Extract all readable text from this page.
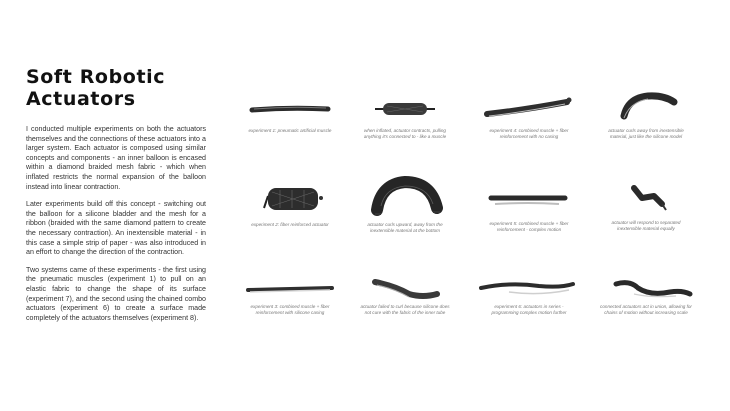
Soft Robotic
Actuators

I conducted multiple experiments on both the actuators themselves and the connections of these actuators into a larger system. Each actuator is composed using similar concepts and components - an inner balloon is encased within a diamond braided mesh fabric - which when inflated restricts the normal expansion of the balloon instead into linear contraction.

Later experiments build off this concept - switching out the balloon for a silicone bladder and the mesh for a ribbon (braided with the same diamond pattern to create the necessary contraction). An inextensible material - in this case a simple strip of paper - was also introduced in an effort to change the direction of the contraction.

Two systems came of these experiments - the first using the pneumatic muscles (experiment 1) to pull on an elastic fabric to change the shape of its surface (experiment 7), and the second using the chained combo actuators (experiment 6) to create a surface made completely of the actuators themselves (experiment 8).

experiment 1: pneumatic artificial muscle	when inflated, actuator contracts, pulling
anything it's connected to - like a muscle
experiment 4: combined muscle + fiber
reinforcement with no casing
actuator curls away from inextensible
material, just like the silicone model
experiment 2: fiber reinforced actuator	actuator curls upward, away from the
inextensible material at the bottom
experiment 5: combined muscle + fiber
reinforcement - complex motion
actuator will respond to separated
inextensible material equally
experiment 3: combined muscle + fiber
reinforcement with silicone casing
actuator failed to curl because silicone does
not cure with the fabric of the inner tube
experiment 6: actuators in series -
programming complex motion further
connected actuators act in union, allowing for
chains of motion without increasing scale
